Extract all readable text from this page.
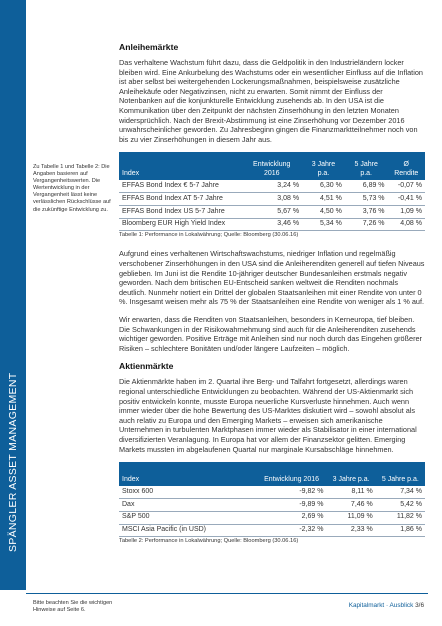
SPÄNGLER ASSET MANAGEMENT
Zu Tabelle 1 und Tabelle 2: Die Angaben basieren auf Vergangenheitswerten. Die Wertentwicklung in der Vergangenheit lässt keine verlässlichen Rückschlüsse auf die zukünftige Entwicklung zu.
Anleihemärkte

Das verhaltene Wachstum führt dazu, dass die Geldpolitik in den Industrieländern locker bleiben wird. Eine Ankurbelung des Wachstums oder ein wesentlicher Einfluss auf die Inflation ist aber selbst bei weitergehenden Lockerungsmaßnahmen, beispielsweise zusätzliche Anleihekäufe oder Negativzinsen, nicht zu erwarten. Somit nimmt der Einfluss der Notenbanken auf die konjunkturelle Entwicklung zusehends ab. In den USA ist die Kommunikation über den Zeitpunkt der nächsten Zinserhöhung in den letzten Monaten widersprüchlich. Nach der Brexit-Abstimmung ist eine Zinserhöhung vor Dezember 2016 unwahrscheinlicher geworden. Zu Jahresbeginn gingen die Finanzmarktteilnehmer noch von bis zu vier Zinserhöhungen in diesem Jahr aus.

Index	Entwicklung 2016	3 Jahre p.a.	5 Jahre p.a.	Ø Rendite
EFFAS Bond Index € 5-7 Jahre	3,24 %	6,30 %	6,89 %	-0,07 %
EFFAS Bond Index AT 5-7 Jahre	3,08 %	4,51 %	5,73 %	-0,41 %
EFFAS Bond Index US 5-7 Jahre	5,67 %	4,50 %	3,76 %	1,09 %
Bloomberg EUR High Yield Index	3,46 %	5,34 %	7,26 %	4,08 %
Tabelle 1: Performance in Lokalwährung; Quelle: Bloomberg (30.06.16)

Aufgrund eines verhaltenen Wirtschaftswachstums, niedriger Inflation und regelmäßig verschobener Zinserhöhungen in den USA sind die Anleiherenditen generell auf tiefen Niveaus geblieben. Im Juni ist die Rendite 10-jähriger deutscher Bundesanleihen erstmals negativ geworden. Nach dem britischen EU-Entscheid sanken weltweit die Renditen nochmals deutlich. Nunmehr notiert ein Drittel der globalen Staatsanleihen mit einer Rendite von unter 0 %. Insgesamt weisen mehr als 75 % der Staatsanleihen eine Rendite von weniger als 1 % auf.

Wir erwarten, dass die Renditen von Staatsanleihen, besonders in Kerneuropa, tief bleiben. Die Schwankungen in der Risikowahrnehmung sind auch für die Anleiherenditen zusehends wichtiger geworden. Positive Erträge mit Anleihen sind nur noch durch das Eingehen größerer Risiken – schlechtere Bonitäten und/oder längere Laufzeiten – möglich.

Aktienmärkte

Die Aktienmärkte haben im 2. Quartal ihre Berg- und Talfahrt fortgesetzt, allerdings waren regional unterschiedliche Entwicklungen zu beobachten. Während der US-Aktienmarkt sich positiv entwickeln konnte, musste Europa neuerliche Kursverluste hinnehmen. Auch wenn immer wieder über die hohe Bewertung des US-Marktes diskutiert wird – sowohl absolut als auch relativ zu Europa und den Emerging Markets – erweisen sich amerikanische Unternehmen in turbulenten Marktphasen immer wieder als Stabilisator in einer international diversifizierten Veranlagung. In Europa hat vor allem der Finanzsektor gelitten. Emerging Markets mussten im abgelaufenen Quartal nur marginale Kursabschläge hinnehmen.

Index	Entwicklung 2016	3 Jahre p.a.	5 Jahre p.a.
Stoxx 600	-9,82 %	8,11 %	7,34 %
Dax	-9,89 %	7,46 %	5,42 %
S&P 500	2,69 %	11,09 %	11,82 %
MSCI Asia Pacific (in USD)	-2,32 %	2,33 %	1,86 %
Tabelle 2: Performance in Lokalwährung; Quelle: Bloomberg (30.06.16)
Bitte beachten Sie die wichtigen Hinweise auf Seite 6.
Kapitalmarkt · Ausblick 3/6
